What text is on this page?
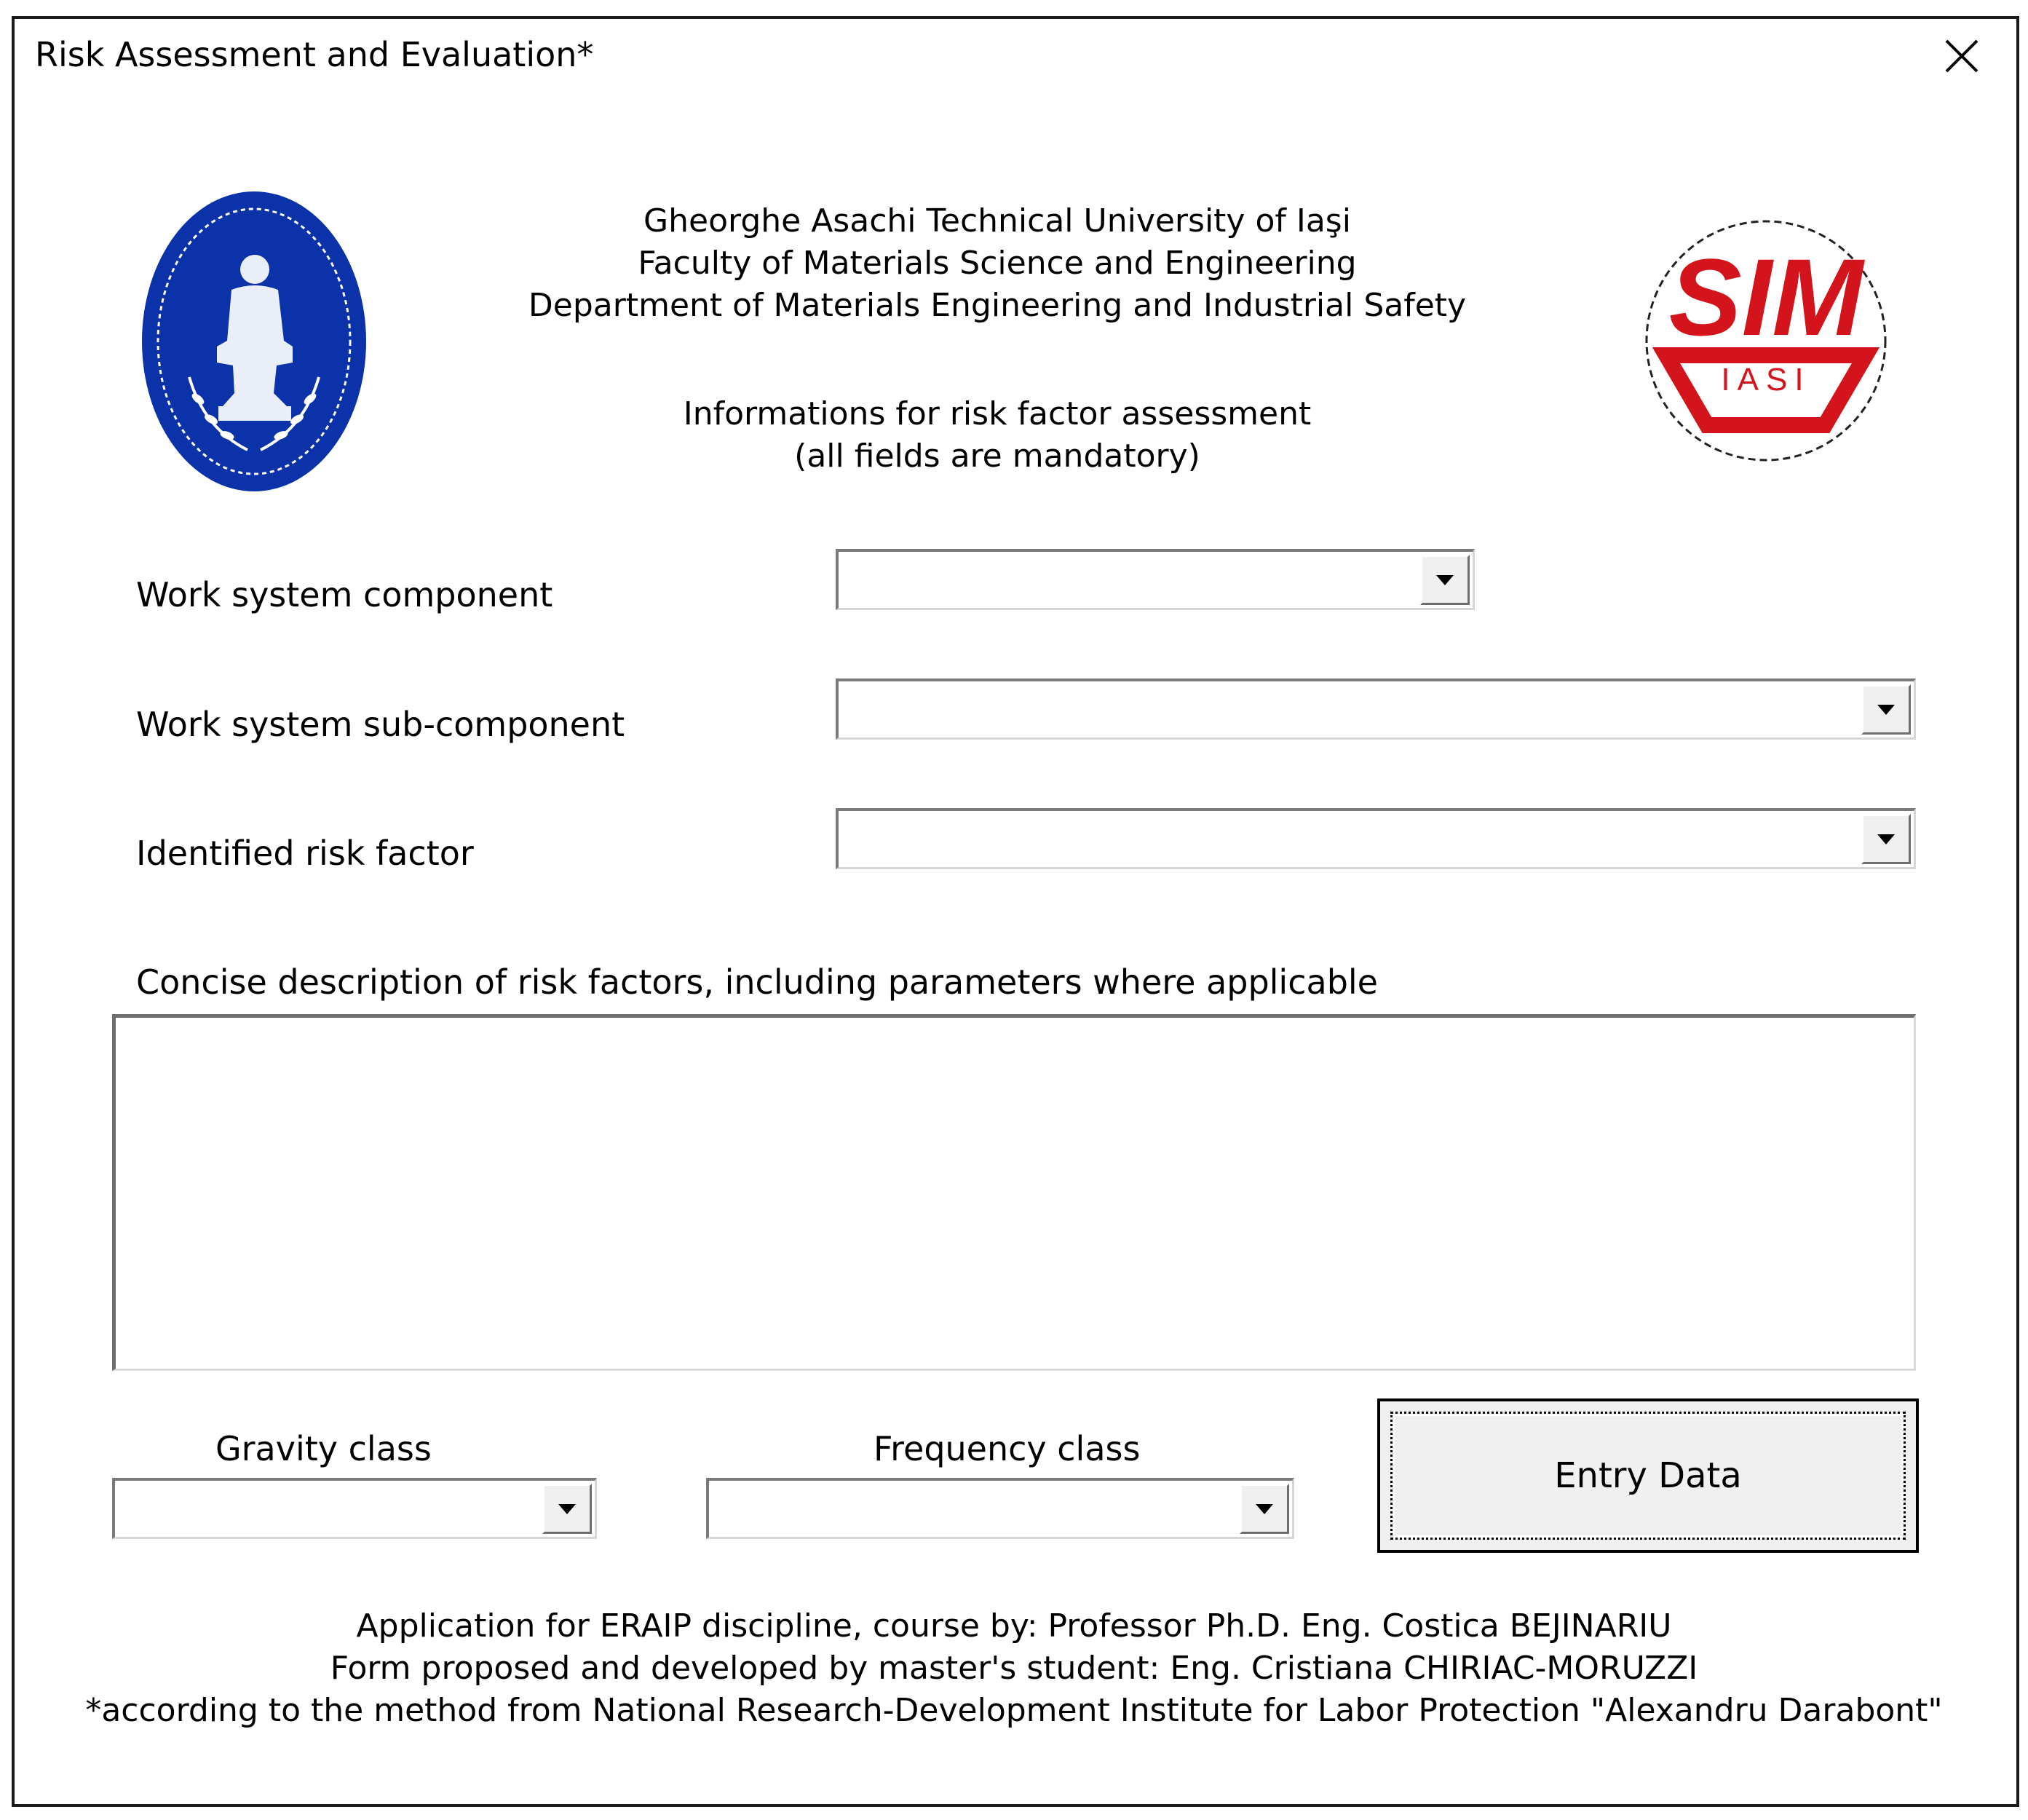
Risk Assessment and Evaluation*
Gheorghe Asachi Technical University of Iaşi
Faculty of Materials Science and Engineering
Department of Materials Engineering and Industrial Safety
Informations for risk factor assessment
(all fields are mandatory)
SIM
IASI
Work system component
Work system sub-component
Identified risk factor
Concise description of risk factors, including parameters where applicable
Gravity class	Frequency class
Entry Data
Application for ERAIP discipline, course by: Professor Ph.D. Eng. Costica BEJINARIU
Form proposed and developed by master's student: Eng. Cristiana CHIRIAC-MORUZZI
*according to the method from National Research-Development Institute for Labor Protection "Alexandru Darabont"
